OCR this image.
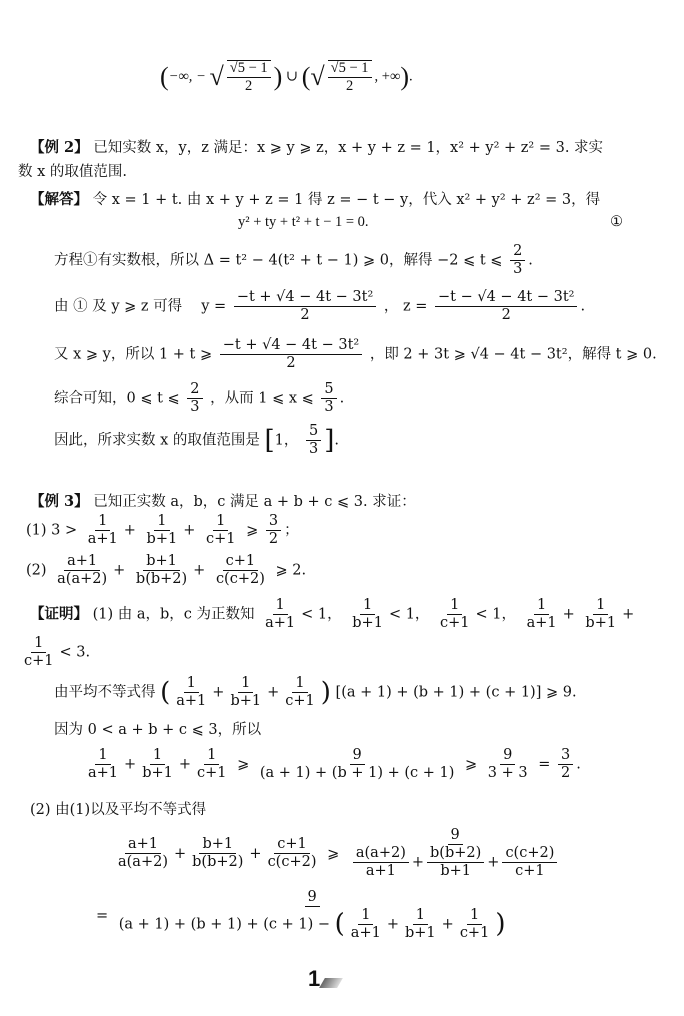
(−∞, − √ $\frac{√5 - 1}{2}$ ) ∪ (√ $\frac{√5 - 1}{2}$ , +∞).
【例 2】 已知实数 x，y，z 满足：x ⩾ y ⩾ z，x + y + z = 1，x² + y² + z² = 3. 求实
数 x 的取值范围.
【解答】 令 x = 1 + t. 由 x + y + z = 1 得 z = − t − y，代入 x² + y² + z² = 3，得
y² + ty + t² + t − 1 = 0.	①
方程①有实数根，所以 Δ = t² − 4(t² + t − 1) ⩾ 0，解得 −2 ⩽ t ⩽ $\frac{2}{3}$ .
由 ① 及 y ⩾ z 可得　 $y = \frac{\text{−t + √4 − 4t − 3t²}}{2}$ ， $z = \frac{\text{−t − √4 − 4t − 3t²}}{2}$ .
又 x ⩾ y，所以 1 + t ⩾ $\frac{\text{−t + √4 − 4t − 3t²}}{2}$ ，即 2 + 3t ⩾ √4 − 4t − 3t²，解得 t ⩾ 0.
综合可知，0 ⩽ t ⩽ $\frac{2}{3}$ ，从而 1 ⩽ x ⩽ $\frac{5}{3}$ .
因此，所求实数 x 的取值范围是 [1， $\frac{5}{3}$ ].
【例 3】 已知正实数 a，b，c 满足 a + b + c ⩽ 3. 求证：
(1) $3 > \frac{1}{a+1} + \frac{1}{b+1} + \frac{1}{c+1}$ ⩾ $\frac{3}{2}$ ；
$(2) \frac{a+1}{a(a+2)} + \frac{b+1}{b(b+2)} + \frac{c+1}{c(c+2)}$ ⩾ 2.
【证明】 (1) 由 a，b，c 为正数知 $\frac{1}{a+1} < 1$， $\frac{1}{b+1} < 1$， $\frac{1}{c+1} < 1$， $\frac{1}{a+1} + \frac{1}{b+1}$ +
$\frac{1}{c+1} < 3$.
由平均不等式得 ( $\frac{1}{a+1} + \frac{1}{b+1} + \frac{1}{c+1}$ ) [(a + 1) + (b + 1) + (c + 1)] ⩾ 9.
因为 0 < a + b + c ⩽ 3，所以
$\frac{1}{a+1} + \frac{1}{b+1} + \frac{1}{c+1}$ ⩾ $\frac{9}{(a + 1) + (b + 1) + (c + 1)}$ ⩾ $\frac{9}{3 + 3} = \frac{3}{2}$ .
(2) 由(1)以及平均不等式得
$\frac{a+1}{a(a+2)} + \frac{b+1}{b(b+2)} + \frac{c+1}{c(c+2)}$ ⩾ $\frac{9}{\frac{a(a+2)}{a+1} + \frac{b(b+2)}{b+1} + \frac{c(c+2)}{c+1}}$
= $\frac{9}{(a + 1) + (b + 1) + (c + 1) - ( \frac{1}{a+1} + \frac{1}{b+1} + \frac{1}{c+1} )}$
1
